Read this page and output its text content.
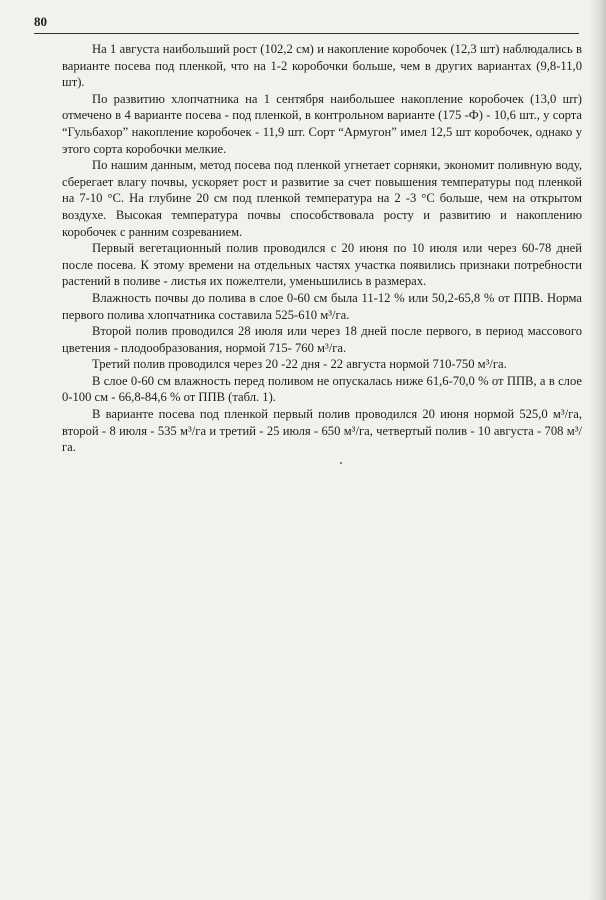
80

На 1 августа наибольший рост (102,2 см) и накопление коробочек (12,3 шт) наблюдались в варианте посева под пленкой, что на 1-2 коробочки больше, чем в других вариантах (9,8-11,0 шт).

По развитию хлопчатника на 1 сентября наибольшее накопление коробочек (13,0 шт) отмечено в 4 варианте посева - под пленкой, в контрольном варианте (175 -Ф) - 10,6 шт., у сорта “Гульбахор” накопление коробочек - 11,9 шт. Сорт “Армугон” имел 12,5 шт коробочек, однако у этого сорта коробочки мелкие.

По нашим данным, метод посева под пленкой угнетает сорняки, экономит поливную воду, сберегает влагу почвы, ускоряет рост и развитие за счет повышения температуры под пленкой на 7-10 °С. На глубине 20 см под пленкой температура на 2 -3 °С больше, чем на открытом воздухе. Высокая температура почвы способствовала росту и развитию и накоплению коробочек с ранним созреванием.

Первый вегетационный полив проводился с 20 июня по 10 июля или через 60-78 дней после посева. К этому времени на отдельных частях участка появились признаки потребности растений в поливе - листья их пожелтели, уменьшились в размерах.

Влажность почвы до полива в слое 0-60 см была 11-12 % или 50,2-65,8 % от ППВ. Норма первого полива хлопчатника составила 525-610 м³/га.

Второй полив проводился 28 июля или через 18 дней после первого, в период массового цветения - плодообразования, нормой 715- 760 м³/га.

Третий полив проводился через 20 -22 дня - 22 августа нормой 710-750 м³/га.

В слое 0-60 см влажность перед поливом не опускалась ниже 61,6-70,0 % от ППВ, а в слое 0-100 см - 66,8-84,6 % от ППВ (табл. 1).

В варианте посева под пленкой первый полив проводился 20 июня нормой 525,0 м³/га, второй - 8 июля - 535 м³/га и третий - 25 июля - 650 м³/га, четвертый полив - 10 августа - 708 м³/га.
